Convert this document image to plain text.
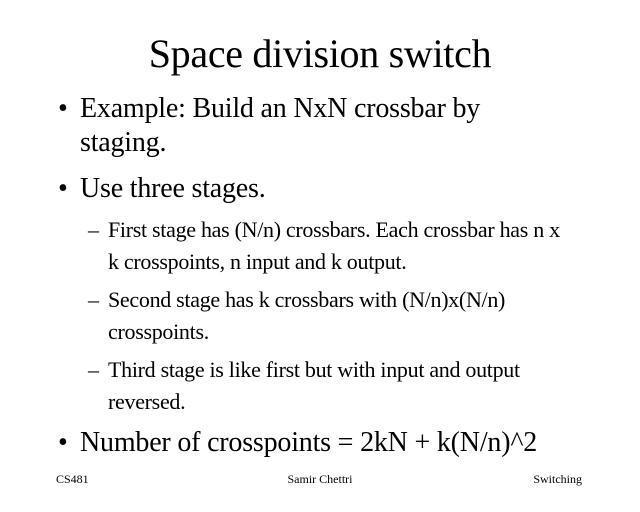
Space division switch
• Example: Build an NxN crossbar by staging.
• Use three stages.
– First stage has (N/n) crossbars. Each crossbar has n x k crosspoints, n input and k output.
– Second stage has k crossbars with (N/n)x(N/n) crosspoints.
– Third stage is like first but with input and output reversed.
• Number of crosspoints = 2kN + k(N/n)^2
CS481	Samir Chettri	Switching
